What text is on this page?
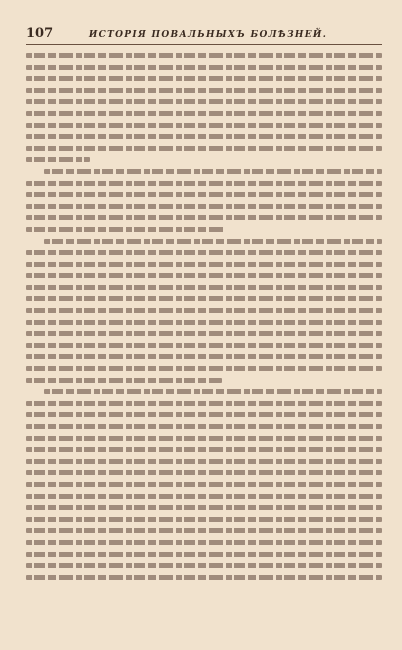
107	ИСТОРІЯ ПОВАЛЬНЫХЪ БОЛѢЗНЕЙ.
